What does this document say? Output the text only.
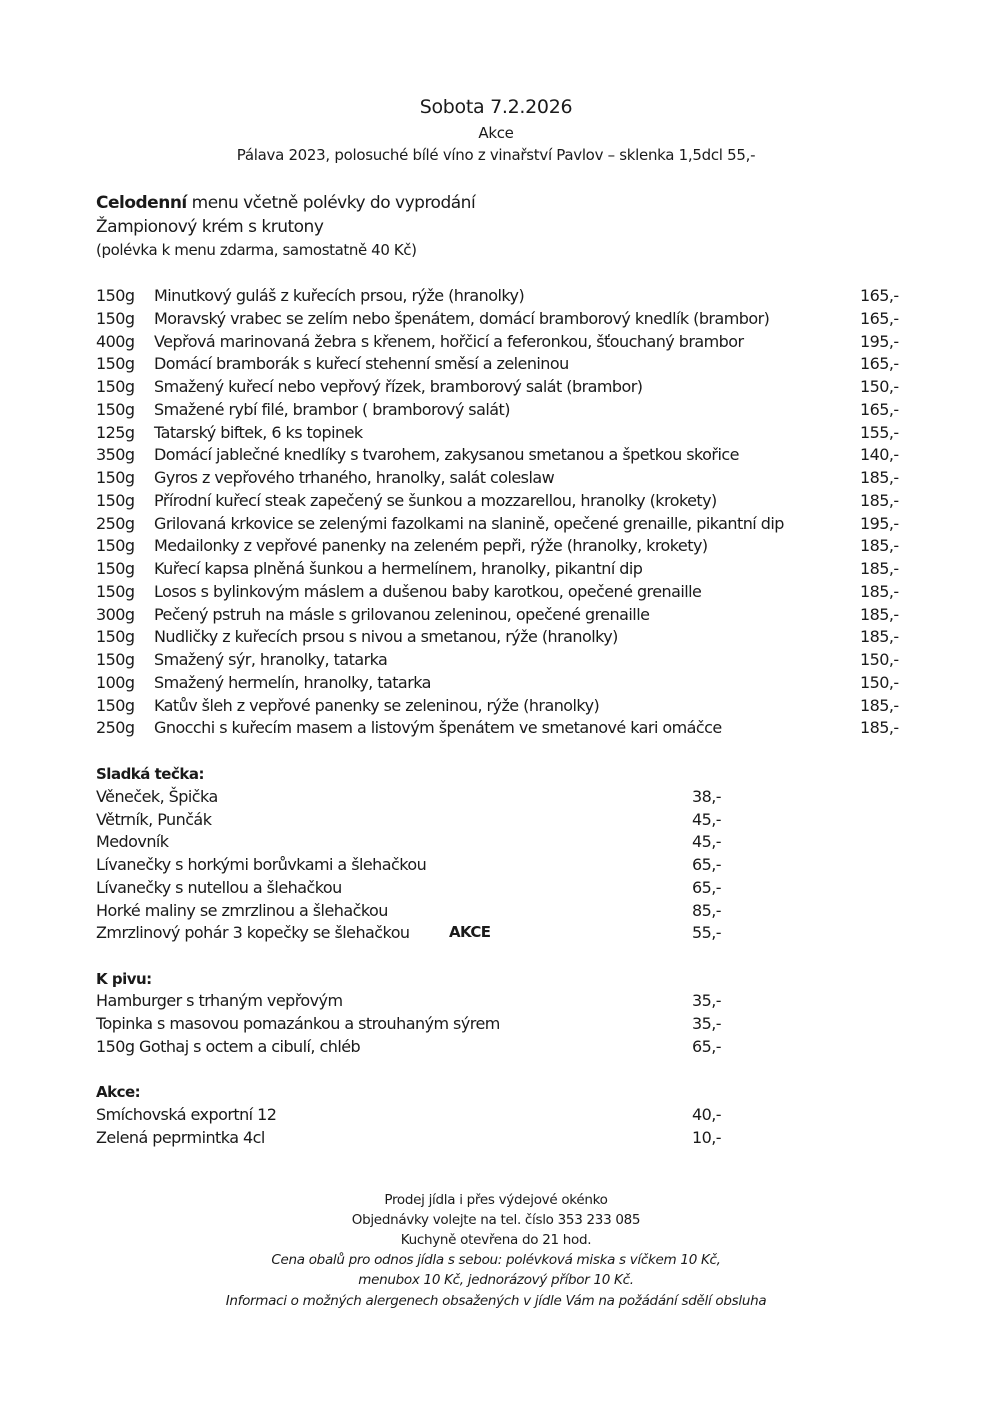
Sobota 7.2.2026
Akce
Pálava 2023, polosuché bílé víno z vinařství Pavlov – sklenka 1,5dcl 55,-
Celodenní menu včetně polévky do vyprodání
Žampionový krém s krutony
(polévka k menu zdarma, samostatně 40 Kč)
150g Minutkový guláš z kuřecích prsou, rýže (hranolky)	165,-
150g Moravský vrabec se zelím nebo špenátem, domácí bramborový knedlík (brambor)	165,-
400g Vepřová marinovaná žebra s křenem, hořčicí a feferonkou, šťouchaný brambor	195,-
150g Domácí bramborák s kuřecí stehenní směsí a zeleninou	165,-
150g Smažený kuřecí nebo vepřový řízek, bramborový salát (brambor)	150,-
150g Smažené rybí filé, brambor ( bramborový salát)	165,-
125g Tatarský biftek, 6 ks topinek	155,-
350g Domácí jablečné knedlíky s tvarohem, zakysanou smetanou a špetkou skořice	140,-
150g Gyros z vepřového trhaného, hranolky, salát coleslaw	185,-
150g Přírodní kuřecí steak zapečený se šunkou a mozzarellou, hranolky (krokety)	185,-
250g Grilovaná krkovice se zelenými fazolkami na slanině, opečené grenaille, pikantní dip	195,-
150g Medailonky z vepřové panenky na zeleném pepři, rýže (hranolky, krokety)	185,-
150g Kuřecí kapsa plněná šunkou a hermelínem, hranolky, pikantní dip	185,-
150g Losos s bylinkovým máslem a dušenou baby karotkou, opečené grenaille	185,-
300g Pečený pstruh na másle s grilovanou zeleninou, opečené grenaille	185,-
150g Nudličky z kuřecích prsou s nivou a smetanou, rýže (hranolky)	185,-
150g Smažený sýr, hranolky, tatarka	150,-
100g Smažený hermelín, hranolky, tatarka	150,-
150g Katův šleh z vepřové panenky se zeleninou, rýže (hranolky)	185,-
250g Gnocchi s kuřecím masem a listovým špenátem ve smetanové kari omáčce	185,-
Sladká tečka:
Věneček, Špička	38,-
Větrník, Punčák	45,-
Medovník	45,-
Lívanečky s horkými borůvkami a šlehačkou	65,-
Lívanečky s nutellou a šlehačkou	65,-
Horké maliny se zmrzlinou a šlehačkou	85,-
Zmrzlinový pohár 3 kopečky se šlehačkou	AKCE	55,-
K pivu:
Hamburger s trhaným vepřovým	35,-
Topinka s masovou pomazánkou a strouhaným sýrem	35,-
150g Gothaj s octem a cibulí, chléb	65,-
Akce:
Smíchovská exportní 12	40,-
Zelená peprmintka 4cl	10,-
Prodej jídla i přes výdejové okénko
Objednávky volejte na tel. číslo 353 233 085
Kuchyně otevřena do 21 hod.
Cena obalů pro odnos jídla s sebou: polévková miska s víčkem 10 Kč,
menubox 10 Kč, jednorázový příbor 10 Kč.
Informaci o možných alergenech obsažených v jídle Vám na požádání sdělí obsluha
